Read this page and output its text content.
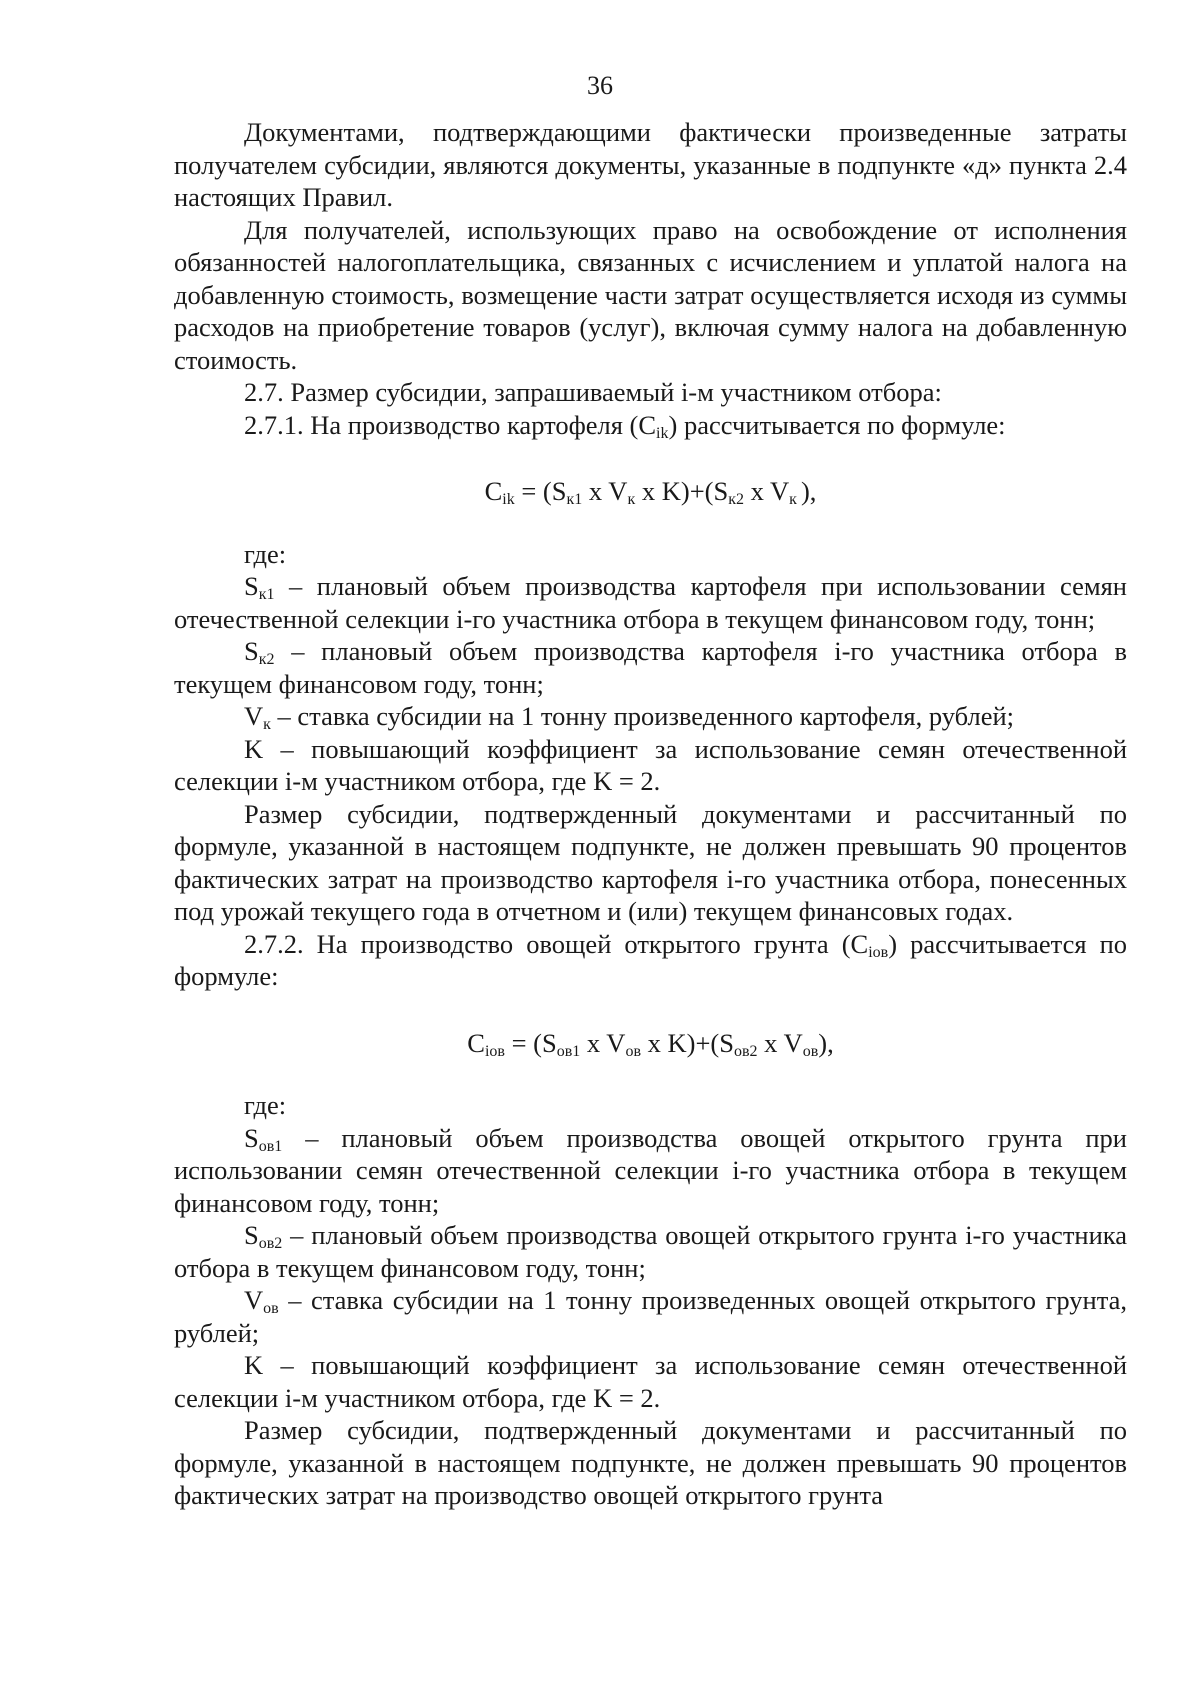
36

Документами, подтверждающими фактически произведенные затраты получателем субсидии, являются документы, указанные в подпункте «д» пункта 2.4 настоящих Правил.

Для получателей, использующих право на освобождение от исполнения обязанностей налогоплательщика, связанных с исчислением и уплатой налога на добавленную стоимость, возмещение части затрат осуществляется исходя из суммы расходов на приобретение товаров (услуг), включая сумму налога на добавленную стоимость.

2.7. Размер субсидии, запрашиваемый i-м участником отбора:

2.7.1. На производство картофеля $(C_{ik})$ рассчитывается по формуле:

$C_{ik} = (S_{к1}$ x $V_к$ x $K)+(S_{к2}$ x $V_к$ ),

где:

$S_{к1}$ – плановый объем производства картофеля при использовании семян отечественной селекции i-го участника отбора в текущем финансовом году, тонн;

$S_{к2}$ – плановый объем производства картофеля i-го участника отбора в текущем финансовом году, тонн;

$V_к$ – ставка субсидии на 1 тонну произведенного картофеля, рублей;

K – повышающий коэффициент за использование семян отечественной селекции i-м участником отбора, где K = 2.

Размер субсидии, подтвержденный документами и рассчитанный по формуле, указанной в настоящем подпункте, не должен превышать 90 процентов фактических затрат на производство картофеля i-го участника отбора, понесенных под урожай текущего года в отчетном и (или) текущем финансовых годах.

2.7.2. На производство овощей открытого грунта $(C_{iов})$ рассчитывается по формуле:

$C_{iов} = (S_{ов1}$ x $V_{ов}$ x $K)+(S_{ов2}$ x $V_{ов}$),

где:

$S_{ов1}$ – плановый объем производства овощей открытого грунта при использовании семян отечественной селекции i-го участника отбора в текущем финансовом году, тонн;

$S_{ов2}$ – плановый объем производства овощей открытого грунта i-го участника отбора в текущем финансовом году, тонн;

$V_{ов}$ – ставка субсидии на 1 тонну произведенных овощей открытого грунта, рублей;

K – повышающий коэффициент за использование семян отечественной селекции i-м участником отбора, где K = 2.

Размер субсидии, подтвержденный документами и рассчитанный по формуле, указанной в настоящем подпункте, не должен превышать 90 процентов фактических затрат на производство овощей открытого грунта
